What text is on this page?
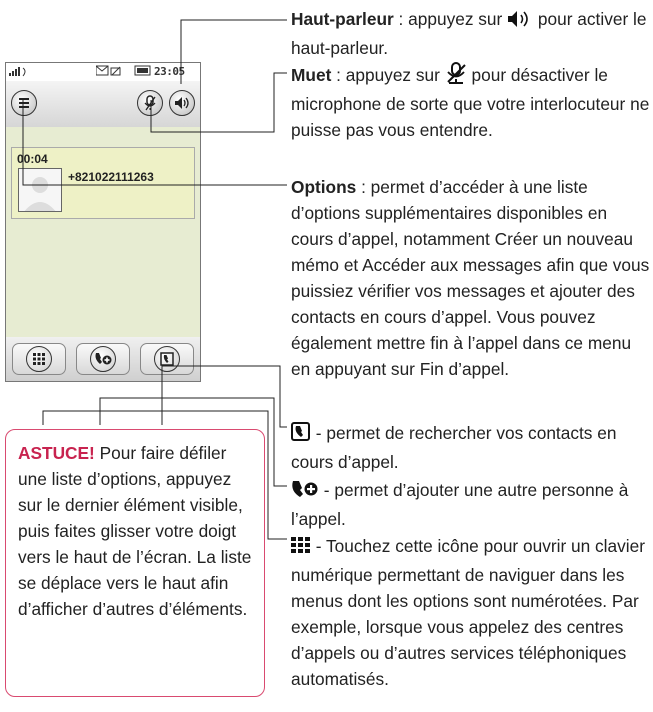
23:05
00:04
+821022111263
Haut-parleur : appuyez sur  pour activer le haut-parleur.
Muet : appuyez sur  pour désactiver le microphone de sorte que votre interlocuteur ne puisse pas vous entendre.
Options : permet d’accéder à une liste d’options supplémentaires disponibles en cours d’appel, notamment Créer un nouveau mémo et Accéder aux messages afin que vous puissiez vérifier vos messages et ajouter des contacts en cours d’appel. Vous pouvez également mettre fin à l’appel dans ce menu en appuyant sur Fin d’appel.
- permet de rechercher vos contacts en cours d’appel.
- permet d’ajouter une autre personne à l’appel.
- Touchez cette icône pour ouvrir un clavier numérique permettant de naviguer dans les menus dont les options sont numérotées. Par exemple, lorsque vous appelez des centres d’appels ou d’autres services téléphoniques automatisés.
ASTUCE! Pour faire défiler une liste d’options, appuyez sur le dernier élément visible, puis faites glisser votre doigt vers le haut de l’écran. La liste se déplace vers le haut afin d’afficher d’autres d’éléments.
